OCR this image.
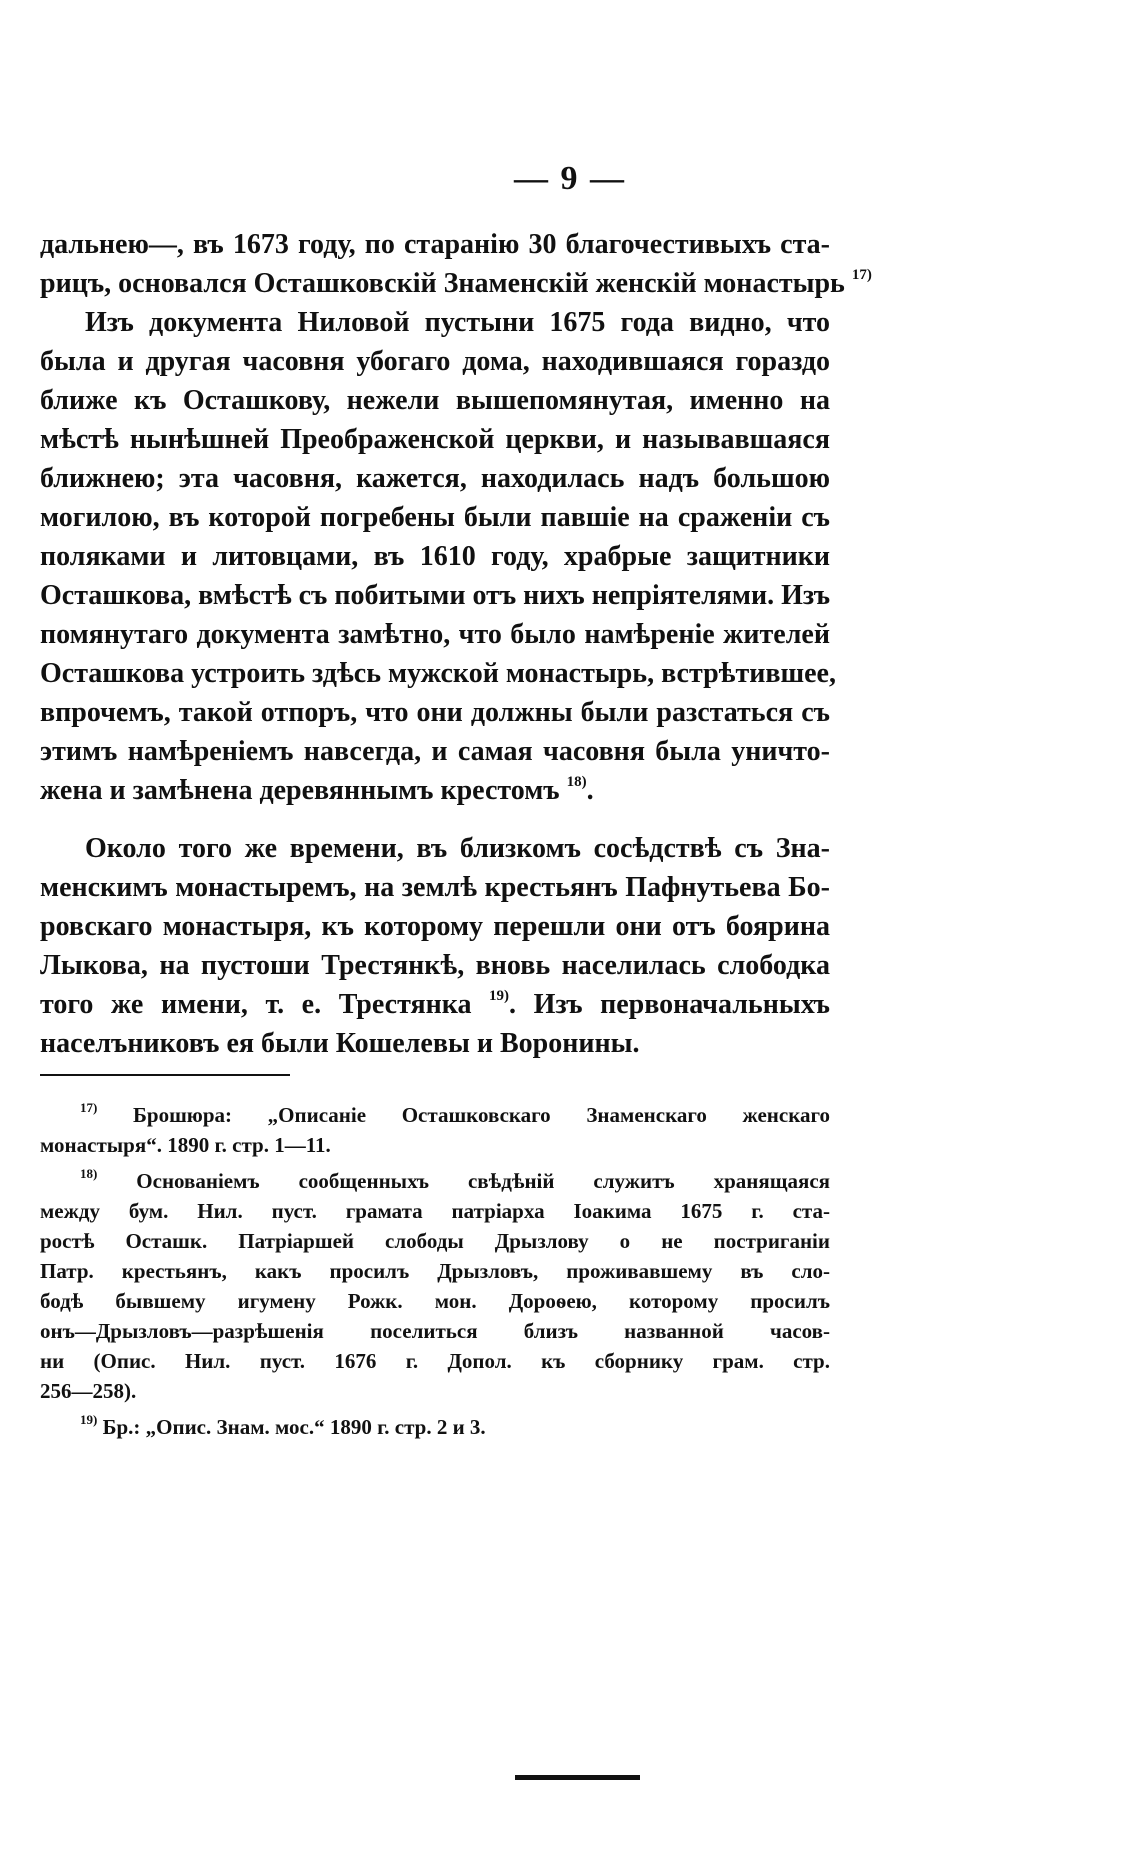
— 9 —
дальнею—, въ 1673 году, по старанію 30 благочестивыхъ ста-
рицъ, основался Осташковскій Знаменскій женскій монастырь $^{17)}$
Изъ документа Ниловой пустыни 1675 года видно, что
была и другая часовня убогаго дома, находившаяся гораздо
ближе къ Осташкову, нежели вышепомянутая, именно на
мѣстѣ нынѣшней Преображенской церкви, и называвшаяся
ближнею; эта часовня, кажется, находилась надъ большою
могилою, въ которой погребены были павшіе на сраженіи съ
поляками и литовцами, въ 1610 году, храбрые защитники
Осташкова, вмѣстѣ съ побитыми отъ нихъ непріятелями. Изъ
помянутаго документа замѣтно, что было намѣреніе жителей
Осташкова устроить здѣсь мужской монастырь, встрѣтившее,
впрочемъ, такой отпоръ, что они должны были разстаться съ
этимъ намѣреніемъ навсегда, и самая часовня была уничто-
жена и замѣнена деревяннымъ крестомъ $^{18)}$.
Около того же времени, въ близкомъ сосѣдствѣ съ Зна-
менскимъ монастыремъ, на землѣ крестьянъ Пафнутьева Бо-
ровскаго монастыря, къ которому перешли они отъ боярина
Лыкова, на пустоши Трестянкѣ, вновь населилась слободка
того же имени, т. е. Трестянка $^{19)}$. Изъ первоначальныхъ
населъниковъ ея были Кошелевы и Воронины.
$^{17)}$ Брошюра: „Описаніе Осташковскаго Знаменскаго женскаго
монастыря“. 1890 г. стр. 1—11.
$^{18)}$ Основаніемъ сообщенныхъ свѣдѣній служитъ хранящаяся
между бум. Нил. пуст. грамата патріарха Іоакима 1675 г. ста-
ростѣ Осташк. Патріаршей слободы Дрызлову о не постриганіи
Патр. крестьянъ, какъ просилъ Дрызловъ, проживавшему въ сло-
бодѣ бывшему игумену Рожк. мон. Дороѳею, которому просилъ
онъ—Дрызловъ—разрѣшенія поселиться близъ названной часов-
ни (Опис. Нил. пуст. 1676 г. Допол. къ сборнику грам. стр.
256—258).
$^{19)}$ Бр.: „Опис. Знам. мос.“ 1890 г. стр. 2 и 3.
